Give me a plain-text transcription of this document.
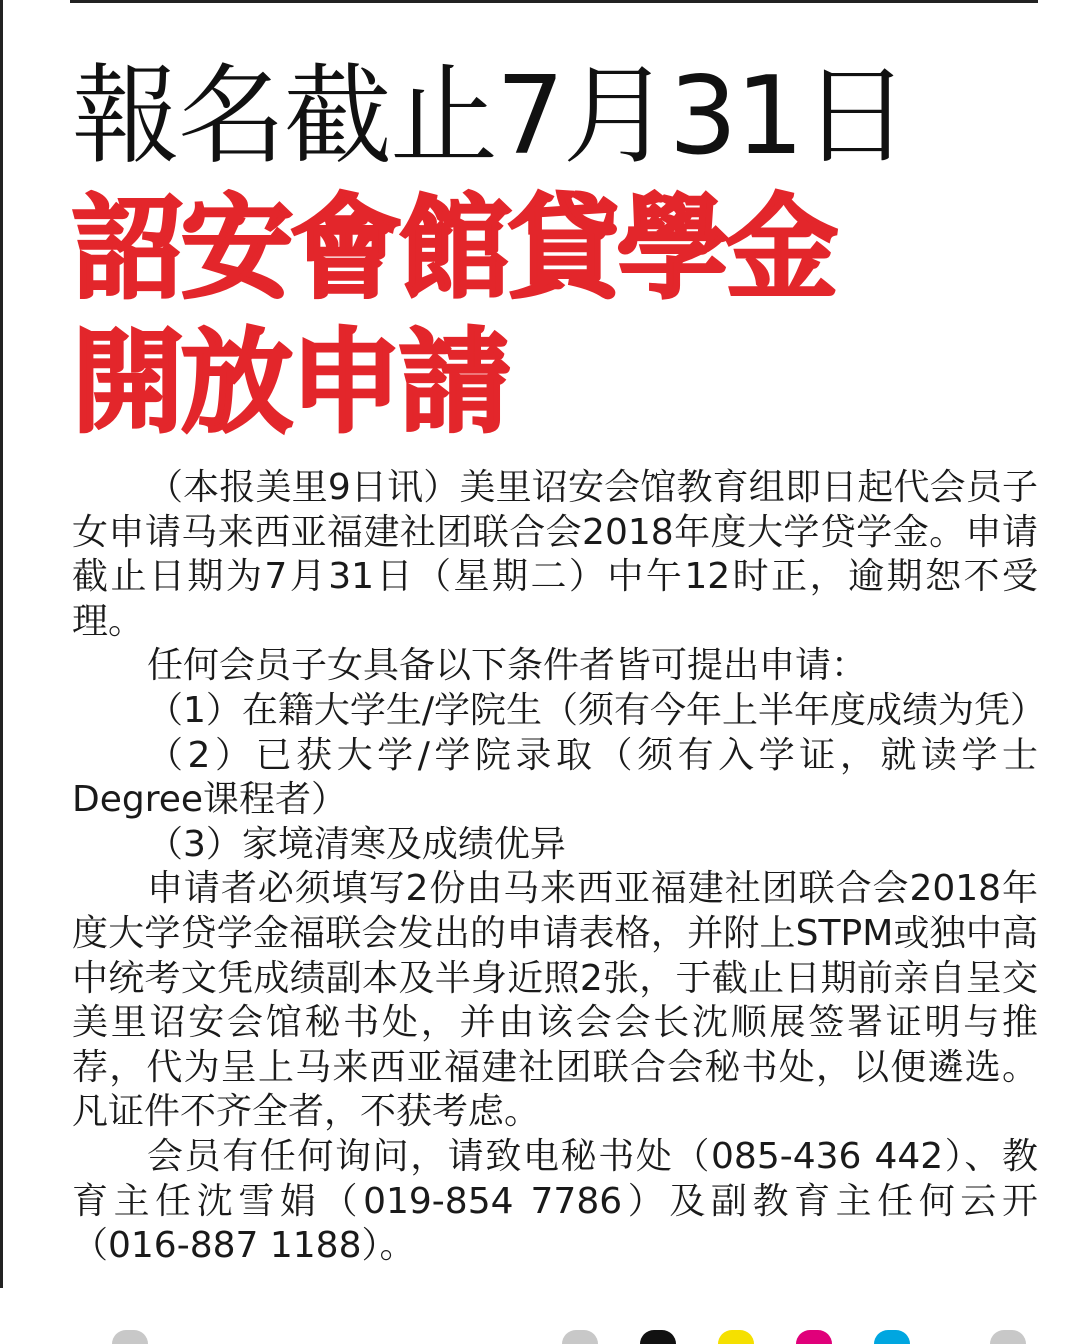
報名截止7月31日
詔安會館貸學金
開放申請

（本报美里9日讯）美里诏安会馆教育组即日起代会员子女申请马来西亚福建社团联合会2018年度大学贷学金。申请截止日期为7月31日（星期二）中午12时正，逾期恕不受理。

任何会员子女具备以下条件者皆可提出申请：

（1）在籍大学生/学院生（须有今年上半年度成绩为凭）

（2）已获大学/学院录取（须有入学证，就读学士Degree课程者）

（3）家境清寒及成绩优异

申请者必须填写2份由马来西亚福建社团联合会2018年度大学贷学金福联会发出的申请表格，并附上STPM或独中高中统考文凭成绩副本及半身近照2张，于截止日期前亲自呈交美里诏安会馆秘书处，并由该会会长沈顺展签署证明与推荐，代为呈上马来西亚福建社团联合会秘书处，以便遴选。凡证件不齐全者，不获考虑。

会员有任何询问，请致电秘书处（085-436 442）、教育主任沈雪娟（019-854 7786）及副教育主任何云开（016-887 1188）。
